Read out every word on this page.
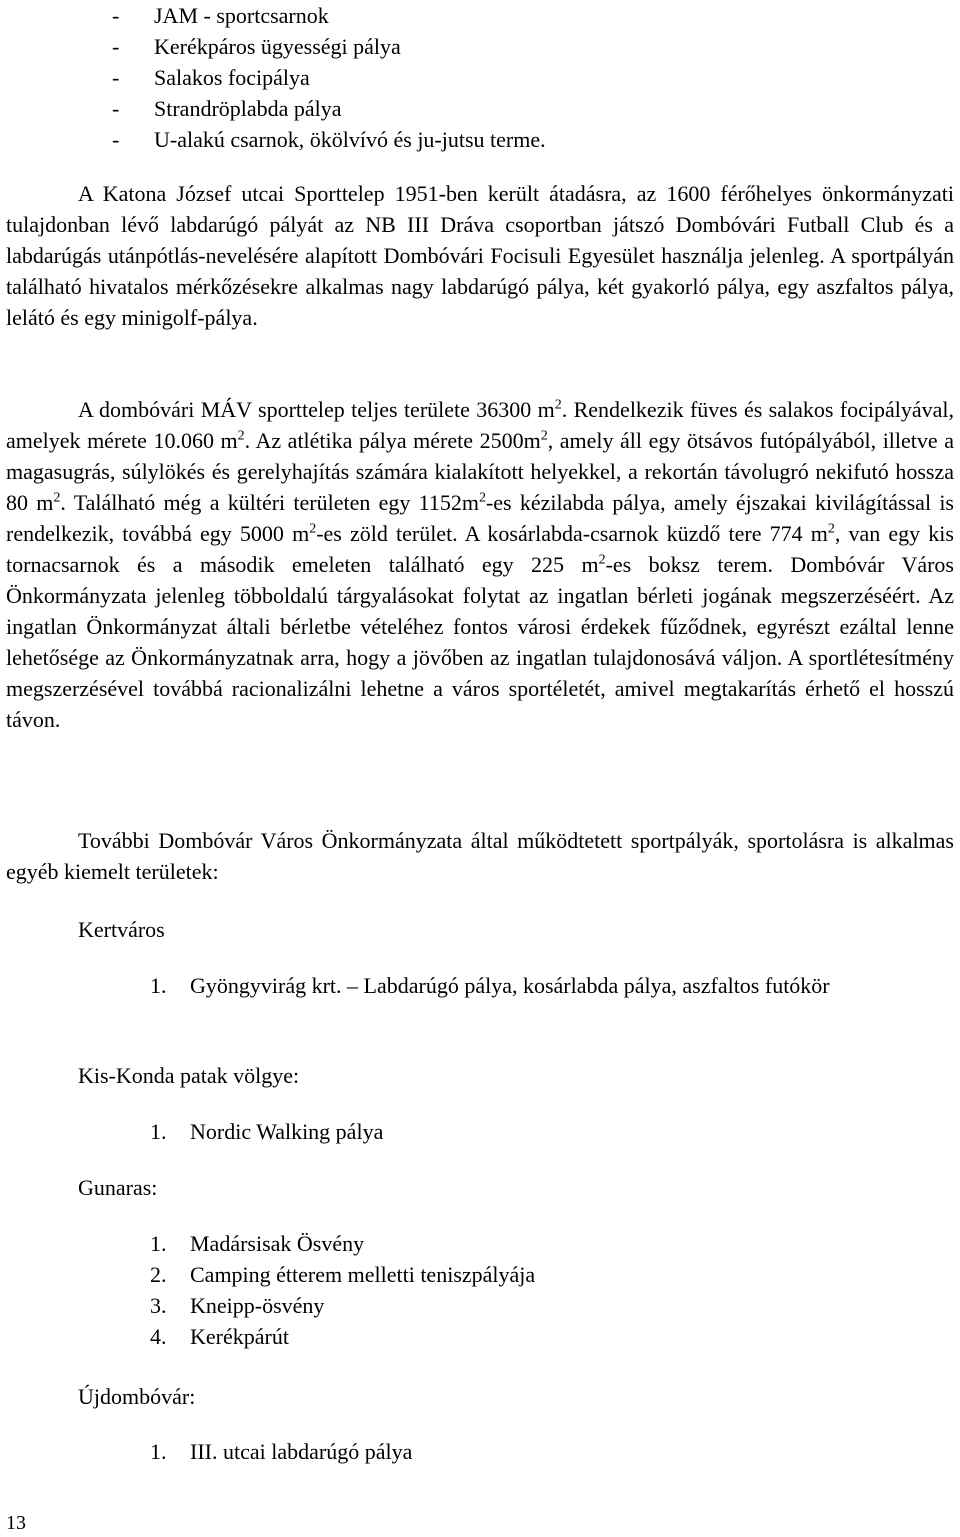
-	JAM - sportcsarnok
-	Kerékpáros ügyességi pálya
-	Salakos focipálya
-	Strandröplabda pálya
-	U-alakú csarnok, ökölvívó és ju-jutsu terme.

A Katona József utcai Sporttelep 1951-ben került átadásra, az 1600 férőhelyes önkormányzati tulajdonban lévő labdarúgó pályát az NB III Dráva csoportban játszó Dombóvári Futball Club és a labdarúgás utánpótlás-nevelésére alapított Dombóvári Focisuli Egyesület használja jelenleg. A sportpályán található hivatalos mérkőzésekre alkalmas nagy labdarúgó pálya, két gyakorló pálya, egy aszfaltos pálya, lelátó és egy minigolf-pálya.

A dombóvári MÁV sporttelep teljes területe 36300 $m^2$. Rendelkezik füves és salakos focipályával, amelyek mérete 10.060 $m^2$. Az atlétika pálya mérete $2500m^2$, amely áll egy ötsávos futópályából, illetve a magasugrás, súlylökés és gerelyhajítás számára kialakított helyekkel, a rekortán távolugró nekifutó hossza 80 $m^2$. Található még a kültéri területen egy $1152m^2-es$ kézilabda pálya, amely éjszakai kivilágítással is rendelkezik, továbbá egy 5000 $m^2-es$ zöld terület. A kosárlabda-csarnok küzdő tere 774 $m^2$, van egy kis tornacsarnok és a második emeleten található egy 225 $m^2-es$ boksz terem. Dombóvár Város Önkormányzata jelenleg többoldalú tárgyalásokat folytat az ingatlan bérleti jogának megszerzéséért. Az ingatlan Önkormányzat általi bérletbe vételéhez fontos városi érdekek fűződnek, egyrészt ezáltal lenne lehetősége az Önkormányzatnak arra, hogy a jövőben az ingatlan tulajdonosává váljon. A sportlétesítmény megszerzésével továbbá racionalizálni lehetne a város sportéletét, amivel megtakarítás érhető el hosszú távon.

További Dombóvár Város Önkormányzata által működtetett sportpályák, sportolásra is alkalmas egyéb kiemelt területek:

Kertváros

1.	Gyöngyvirág krt. – Labdarúgó pálya, kosárlabda pálya, aszfaltos futókör

Kis-Konda patak völgye:

1.	Nordic Walking pálya

Gunaras:

1.	Madársisak Ösvény
2.	Camping étterem melletti teniszpályája
3.	Kneipp-ösvény
4.	Kerékpárút

Újdombóvár:

1.	III. utcai labdarúgó pálya
13
